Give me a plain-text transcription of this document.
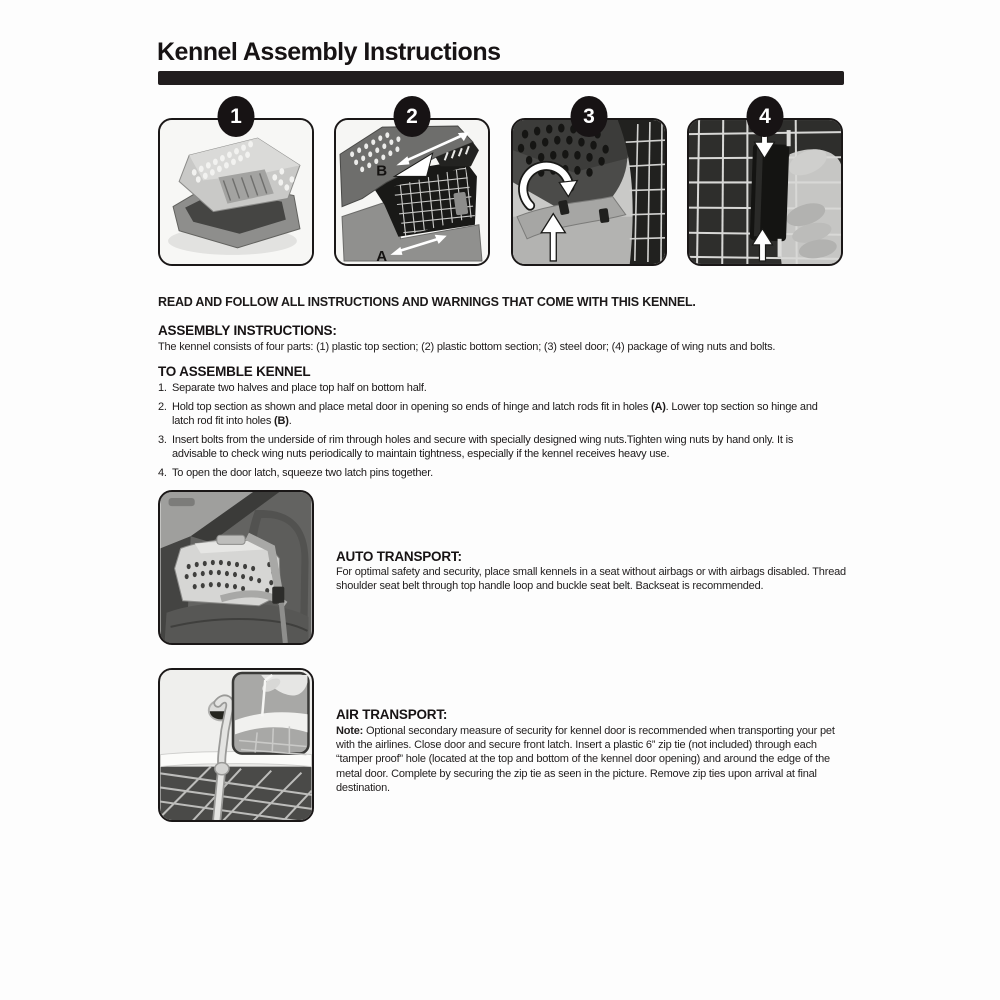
Kennel Assembly Instructions
1	2
B
A
3	4
READ AND FOLLOW ALL INSTRUCTIONS AND WARNINGS THAT COME WITH THIS KENNEL.
ASSEMBLY INSTRUCTIONS:
The kennel consists of four parts: (1) plastic top section; (2) plastic bottom section; (3) steel door; (4) package of wing nuts and bolts.
TO ASSEMBLE KENNEL
1. Separate two halves and place top half on bottom half.
2. Hold top section as shown and place metal door in opening so ends of hinge and latch rods fit in holes (A). Lower top section so hinge and latch rod fit into holes (B).
3. Insert bolts from the underside of rim through holes and secure with specially designed wing nuts.Tighten wing nuts by hand only. It is advisable to check wing nuts periodically to maintain tightness, especially if the kennel receives heavy use.
4. To open the door latch, squeeze two latch pins together.
AUTO TRANSPORT:
For optimal safety and security, place small kennels in a seat without airbags or with airbags disabled. Thread shoulder seat belt through top handle loop and buckle seat belt. Backseat is recommended.
AIR TRANSPORT:
Note: Optional secondary measure of security for kennel door is recommended when transporting your pet with the airlines. Close door and secure front latch. Insert a plastic 6” zip tie (not included) through each “tamper proof” hole (located at the top and bottom of the kennel door opening) and around the edge of the metal door. Complete by securing the zip tie as seen in the picture. Remove zip ties upon arrival at final destination.
